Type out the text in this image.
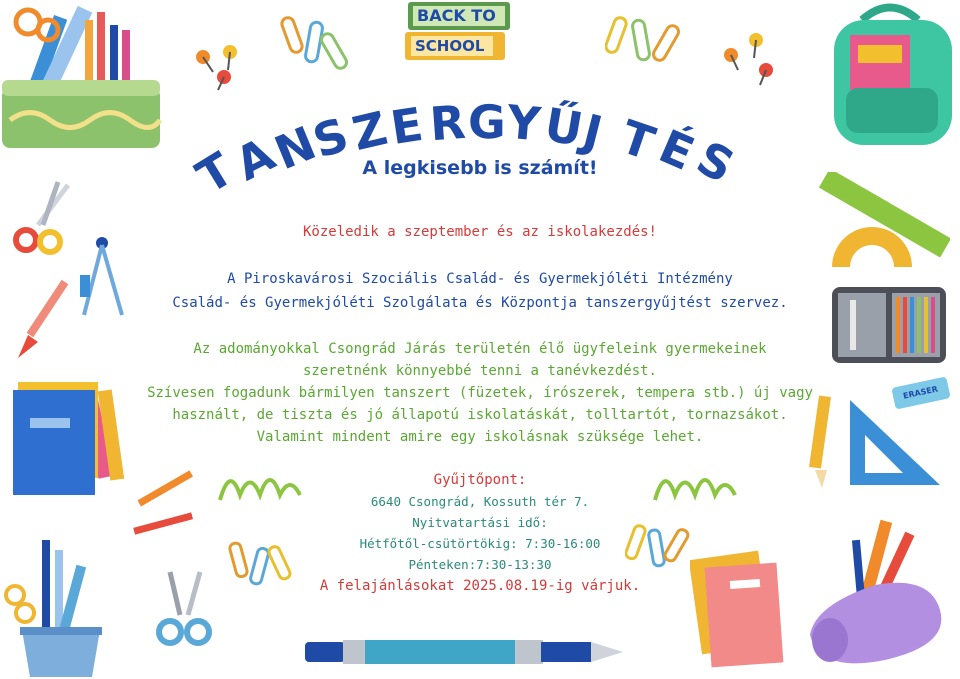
BACK TO
SCHOOL
T
A
N
S
Z
E R G
Y
Ű
J T
É
S
A legkisebb is számít!
Közeledik a szeptember és az iskolakezdés!
A Piroskavárosi Szociális Család- és Gyermekjóléti Intézmény
Család- és Gyermekjóléti Szolgálata és Központja tanszergyűjtést szervez.
Az adományokkal Csongrád Járás területén élő ügyfeleink gyermekeinek
szeretnénk könnyebbé tenni a tanévkezdést.
Szívesen fogadunk bármilyen tanszert (füzetek, írószerek, tempera stb.) új vagy
használt, de tiszta és jó állapotú iskolatáskát, tolltartót, tornazsákot.
Valamint mindent amire egy iskolásnak szüksége lehet.
Gyűjtőpont:
6640 Csongrád, Kossuth tér 7.
Nyitvatartási idő:
Hétfőtől-csütörtökig: 7:30-16:00
Pénteken:7:30-13:30
A felajánlásokat 2025.08.19-ig várjuk.
ERASER
